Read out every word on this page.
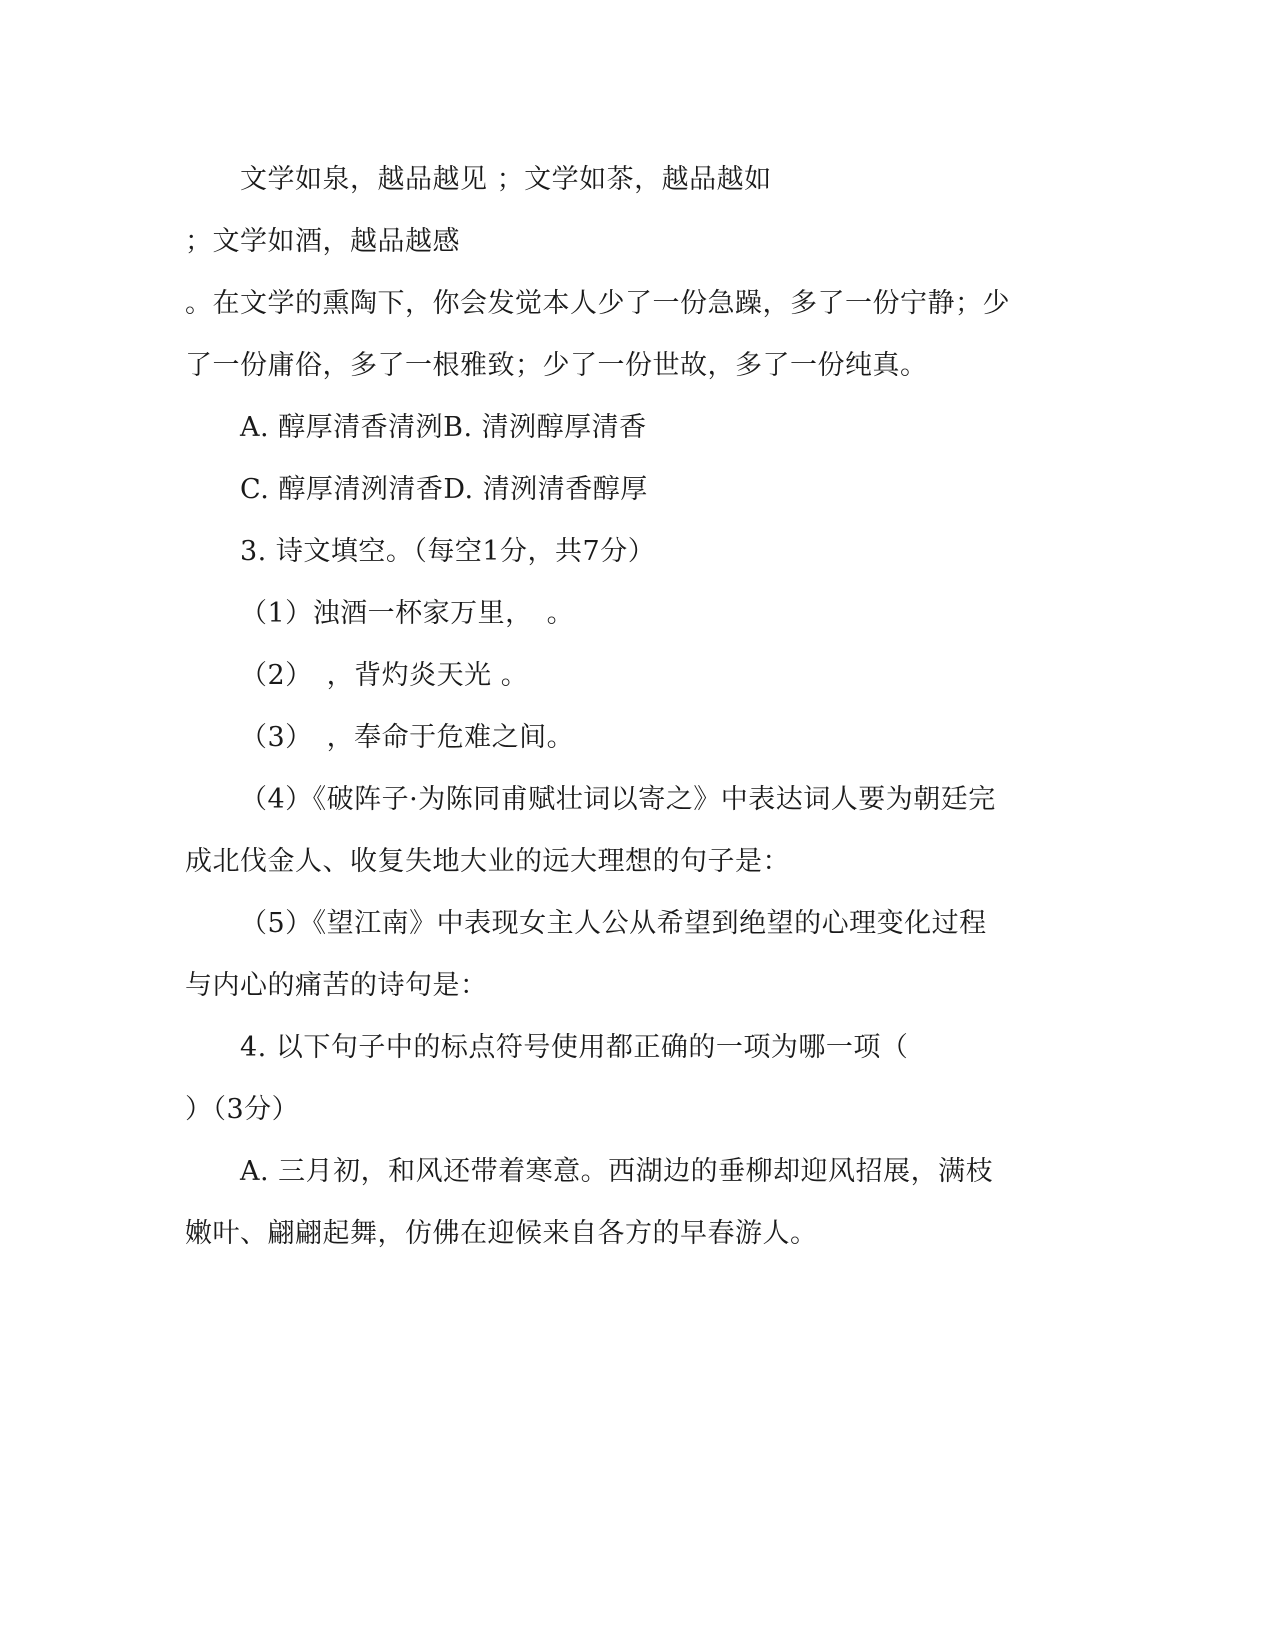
文学如泉，越品越见 ；文学如茶，越品越如
；文学如酒，越品越感
。在文学的熏陶下，你会发觉本人少了一份急躁，多了一份宁静；少
了一份庸俗，多了一根雅致；少了一份世故，多了一份纯真。
A. 醇厚清香清洌B. 清洌醇厚清香
C. 醇厚清洌清香D. 清洌清香醇厚
3. 诗文填空。（每空1分，共7分）
（1）浊酒一杯家万里，　。
（2）　，背灼炎天光 。
（3）　，奉命于危难之间。
（4）《破阵子·为陈同甫赋壮词以寄之》中表达词人要为朝廷完
成北伐金人、收复失地大业的远大理想的句子是：
（5）《望江南》中表现女主人公从希望到绝望的心理变化过程
与内心的痛苦的诗句是：
4. 以下句子中的标点符号使用都正确的一项为哪一项（
）（3分）
A. 三月初，和风还带着寒意。西湖边的垂柳却迎风招展，满枝
嫩叶、翩翩起舞，仿佛在迎候来自各方的早春游人。
